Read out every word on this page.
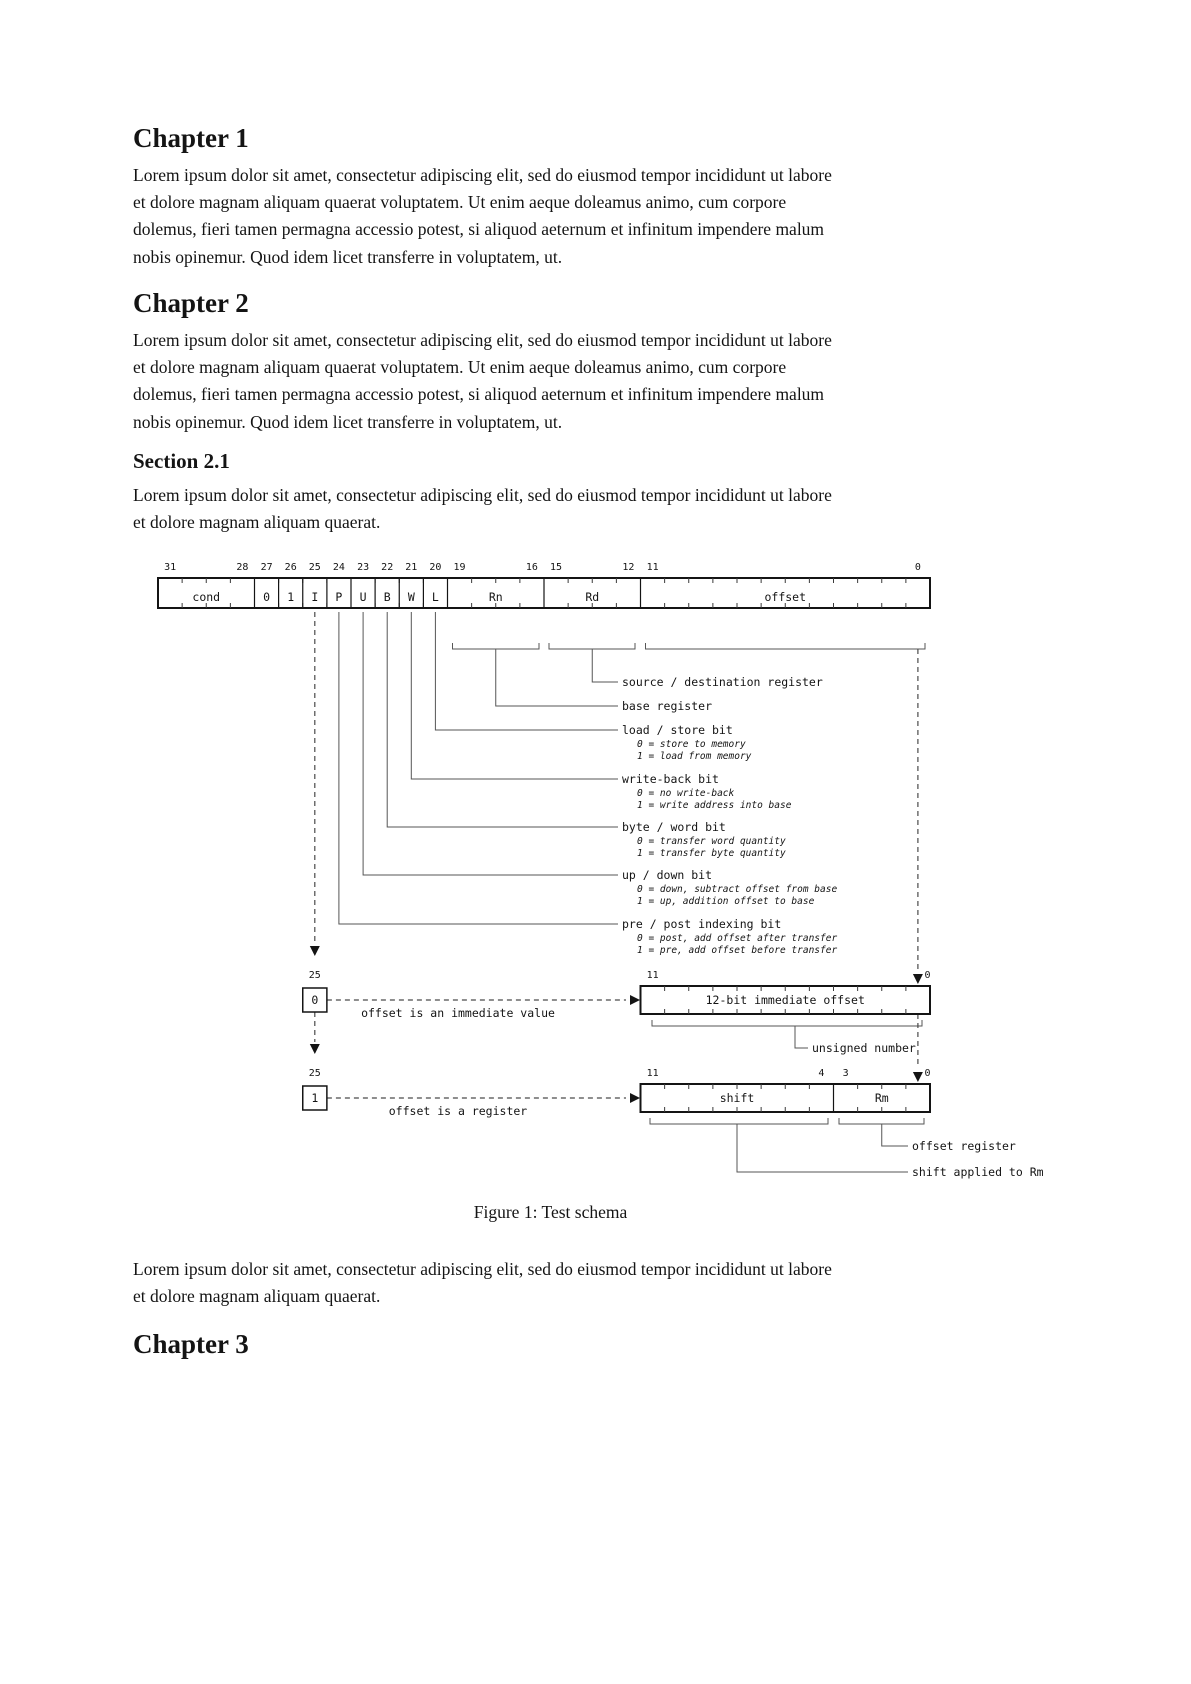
Chapter 1
Lorem ipsum dolor sit amet, consectetur adipiscing elit, sed do eiusmod tempor incididunt ut labore
et dolore magnam aliquam quaerat voluptatem. Ut enim aeque doleamus animo, cum corpore
dolemus, fieri tamen permagna accessio potest, si aliquod aeternum et infinitum impendere malum
nobis opinemur. Quod idem licet transferre in voluptatem, ut.
Chapter 2
Lorem ipsum dolor sit amet, consectetur adipiscing elit, sed do eiusmod tempor incididunt ut labore
et dolore magnam aliquam quaerat voluptatem. Ut enim aeque doleamus animo, cum corpore
dolemus, fieri tamen permagna accessio potest, si aliquod aeternum et infinitum impendere malum
nobis opinemur. Quod idem licet transferre in voluptatem, ut.
Section 2.1
Lorem ipsum dolor sit amet, consectetur adipiscing elit, sed do eiusmod tempor incididunt ut labore
et dolore magnam aliquam quaerat.
31	28 27 26 25 24 23 22 21 20 19	16 15	12 11	0
cond	0 1 I P U B W L	Rn	Rd	offset
source / destination register
base register
load / store bit
0 = store to memory
1 = load from memory
write-back bit
0 = no write-back
1 = write address into base
byte / word bit
0 = transfer word quantity
1 = transfer byte quantity
up / down bit
0 = down, subtract offset from base
1 = up, addition offset to base
pre / post indexing bit
0 = post, add offset after transfer
1 = pre, add offset before transfer
25
0
offset is an immediate value
11	0
12-bit immediate offset
unsigned number
25
1
offset is a register
11	4 3	0
shift	Rm
offset register
shift applied to Rm
Figure 1: Test schema
Lorem ipsum dolor sit amet, consectetur adipiscing elit, sed do eiusmod tempor incididunt ut labore
et dolore magnam aliquam quaerat.
Chapter 3
